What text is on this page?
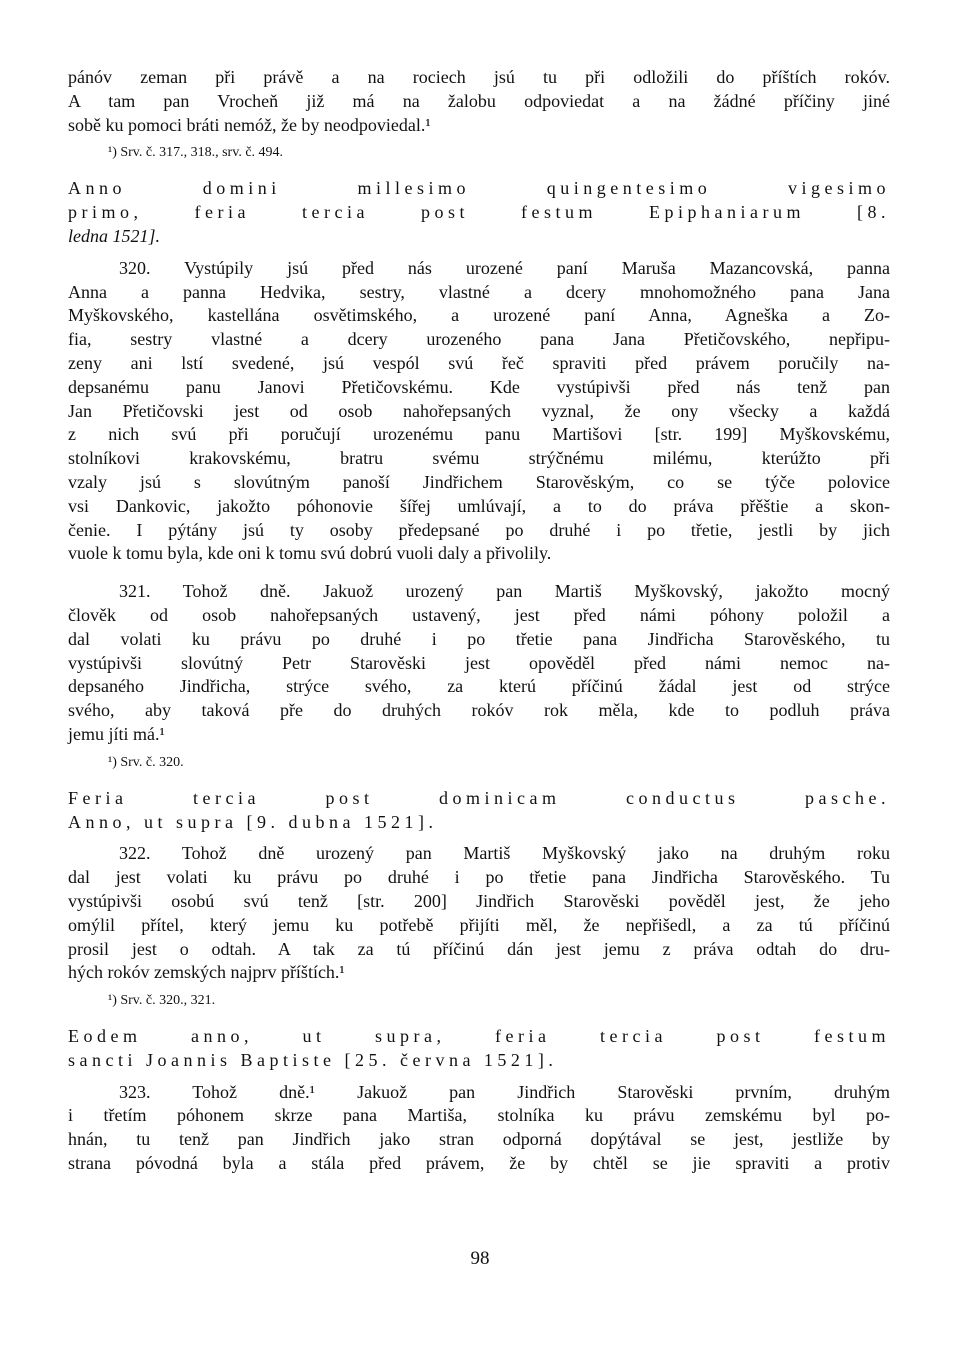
pánóv zeman při právě a na rociech jsú tu při odložili do příštích rokóv.
A tam pan Vrocheň již má na žalobu odpoviedat a na žádné příčiny jiné
sobě ku pomoci bráti nemóž, že by neodpoviedal.¹
¹) Srv. č. 317., 318., srv. č. 494.
Anno domini millesimo quingentesimo vigesimo
primo, feria tercia post festum Epiphaniarum [8.
ledna 1521].
320. Vystúpily jsú před nás urozené paní Maruša Mazancovská, panna
Anna a panna Hedvika, sestry, vlastné a dcery mnohomožného pana Jana
Myškovského, kastellána osvětimského, a urozené paní Anna, Agneška a Zo-
fia, sestry vlastné a dcery urozeného pana Jana Přetičovského, nepřipu-
zeny ani lstí svedené, jsú vespól svú řeč spraviti před právem poručily na-
depsanému panu Janovi Přetičovskému. Kde vystúpivši před nás tenž pan
Jan Přetičovski jest od osob nahořepsaných vyznal, že ony všecky a každá
z nich svú při poručují urozenému panu Martišovi [str. 199] Myškovskému,
stolníkovi krakovskému, bratru svému strýčnému milému, kterúžto při
vzaly jsú s slovútným panoší Jindřichem Starověským, co se týče polovice
vsi Dankovic, jakožto póhonovie šířej umlúvají, a to do práva přěštie a skon-
čenie. I pýtány jsú ty osoby předepsané po druhé i po třetie, jestli by jich
vuole k tomu byla, kde oni k tomu svú dobrú vuoli daly a přivolily.
321. Tohož dně. Jakuož urozený pan Martiš Myškovský, jakožto mocný
člověk od osob nahořepsaných ustavený, jest před námi póhony položil a
dal volati ku právu po druhé i po třetie pana Jindřicha Starověského, tu
vystúpivši slovútný Petr Starověski jest opověděl před námi nemoc na-
depsaného Jindřicha, strýce svého, za kterú příčinú žádal jest od strýce
svého, aby taková pře do druhých rokóv rok měla, kde to podluh práva
jemu jíti má.¹
¹) Srv. č. 320.
Feria tercia post dominicam conductus pasche.
Anno, ut supra [9. dubna 1521].
322. Tohož dně urozený pan Martiš Myškovský jako na druhým roku
dal jest volati ku právu po druhé i po třetie pana Jindřicha Starověského. Tu
vystúpivši osobú svú tenž [str. 200] Jindřich Starověski pověděl jest, že jeho
omýlil přítel, který jemu ku potřebě přijíti měl, že nepřišedl, a za tú příčinú
prosil jest o odtah. A tak za tú příčinú dán jest jemu z práva odtah do dru-
hých rokóv zemských najprv příštích.¹
¹) Srv. č. 320., 321.
Eodem anno, ut supra, feria tercia post festum
sancti Joannis Baptiste [25. června 1521].
323. Tohož dně.¹ Jakuož pan Jindřich Starověski prvním, druhým
i třetím póhonem skrze pana Martiša, stolníka ku právu zemskému byl po-
hnán, tu tenž pan Jindřich jako stran odporná dopýtával se jest, jestliže by
strana póvodná byla a stála před právem, že by chtěl se jie spraviti a protiv
98
